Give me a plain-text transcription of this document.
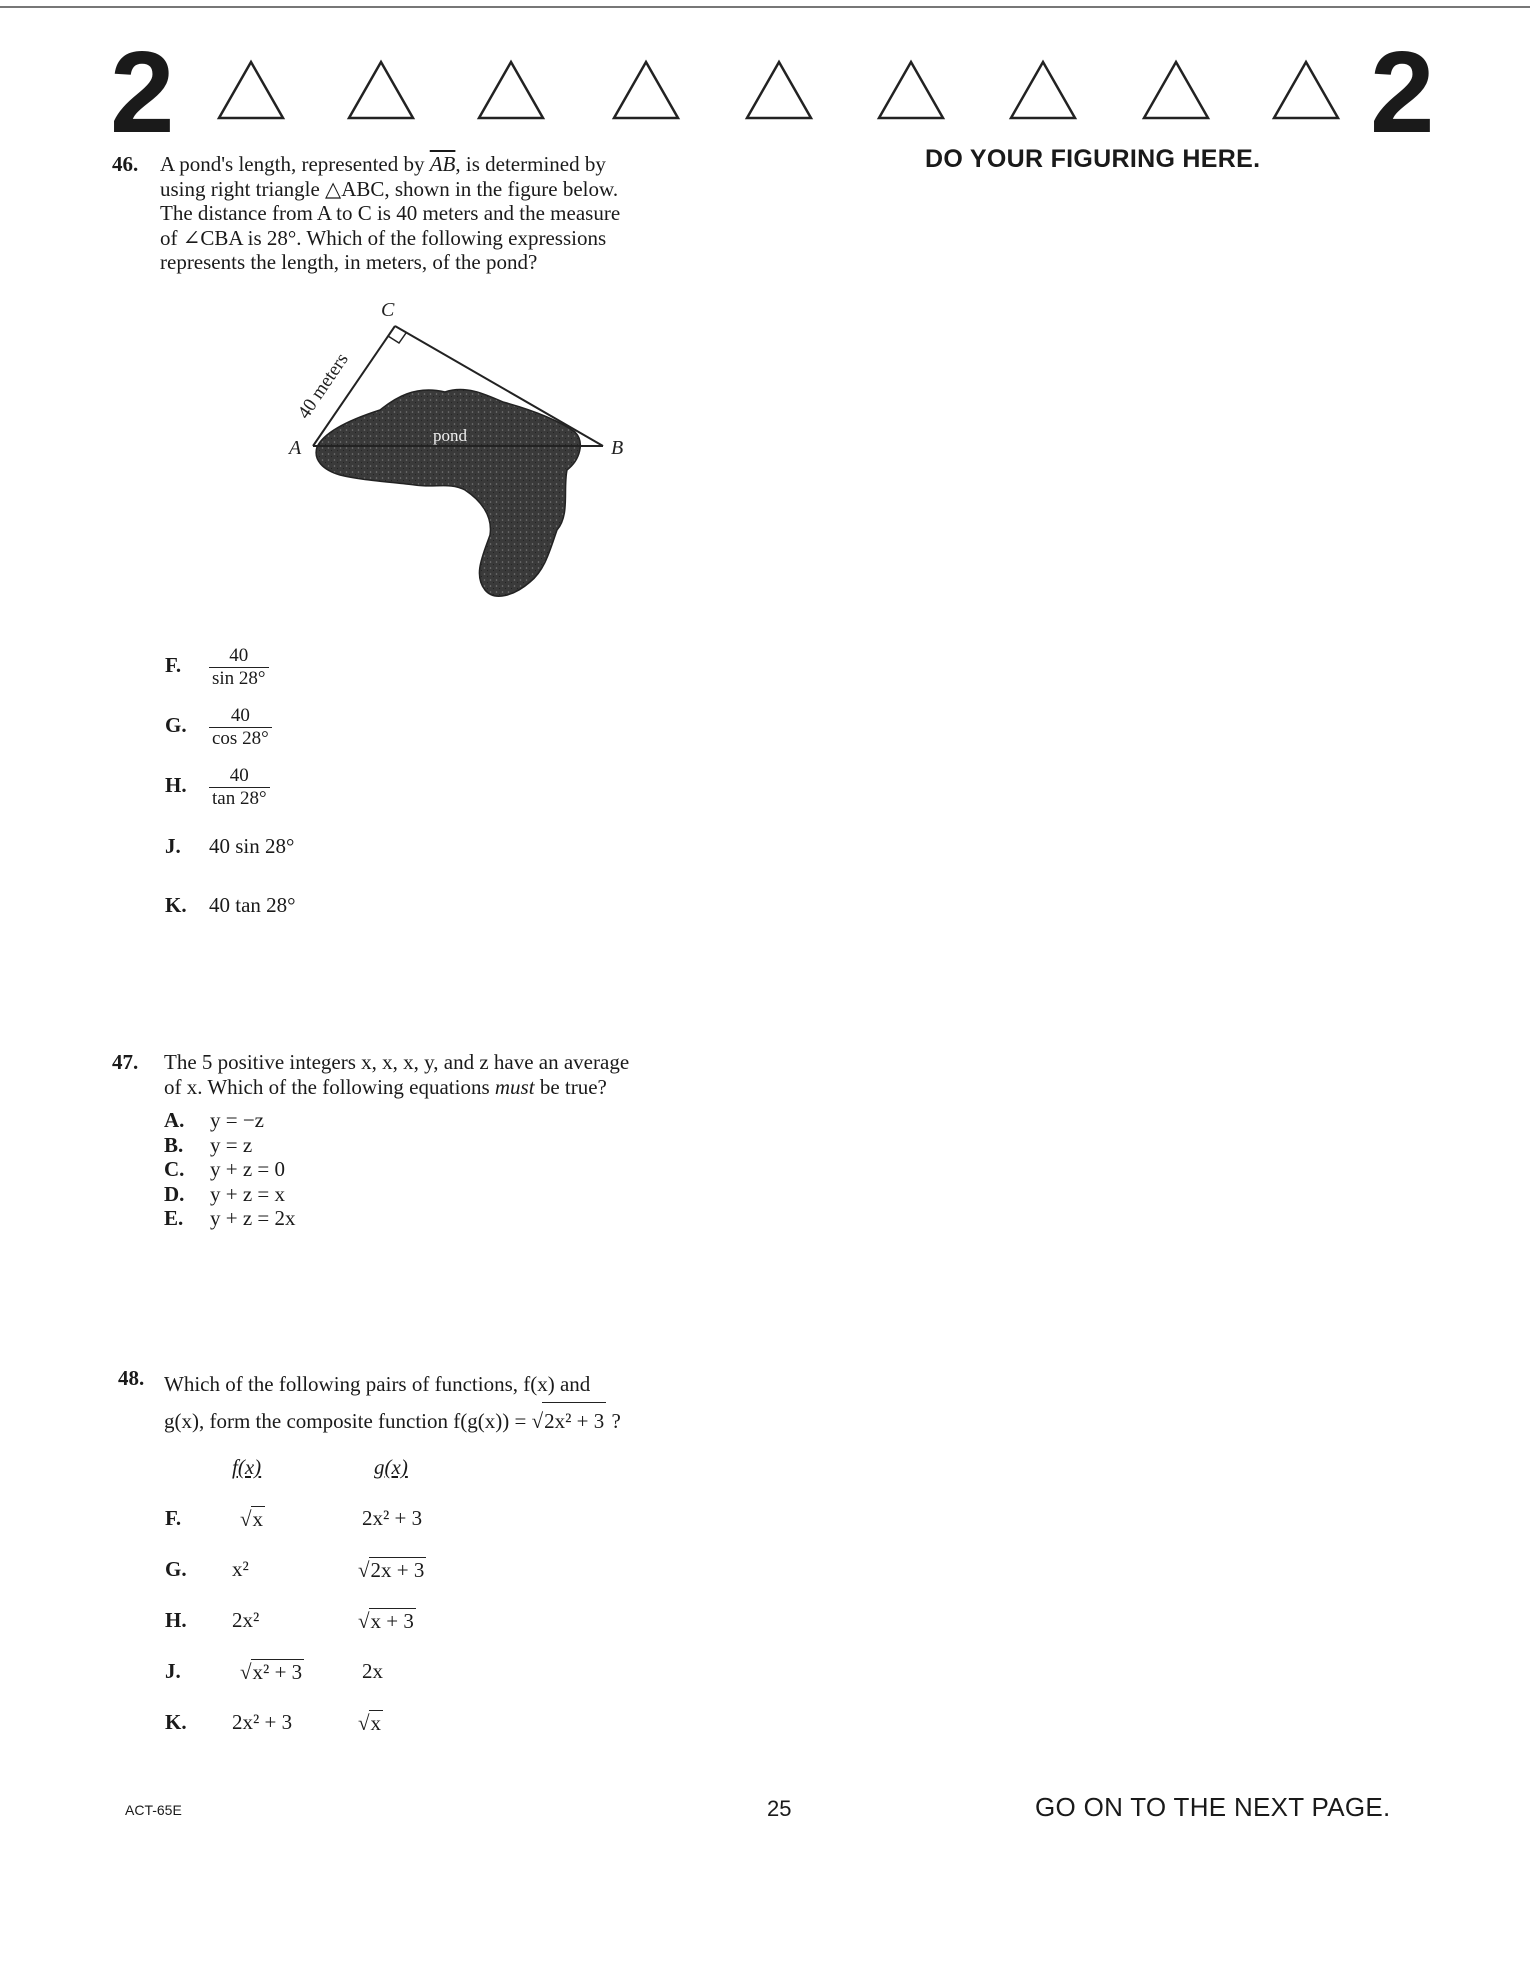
2	2
DO YOUR FIGURING HERE.
46. A pond's length, represented by $\overline{AB}$, is determined by
using right triangle △ABC, shown in the figure below.
The distance from A to C is 40 meters and the measure
of ∠CBA is 28°. Which of the following expressions
represents the length, in meters, of the pond?
C
A	B
40 meters
pond
F. $\frac{40}{\sin 28^\circ}$
G. $\frac{40}{\cos 28^\circ}$
H. $\frac{40}{\tan 28^\circ}$
J. 40 sin 28°
K. 40 tan 28°
47. The 5 positive integers x, x, x, y, and z have an average
of x. Which of the following equations must be true?
A. y = −z
B. y = z
C. y + z = 0
D. y + z = x
E. y + z = 2x
48. Which of the following pairs of functions, f(x) and
g(x), form the composite function f(g(x)) = √2x² + 3 ?
f(x)	g(x)
F.	√x	2x² + 3
G. x²	√2x + 3
H. 2x²	√x + 3
J.	√x² + 3	2x
K. 2x² + 3	√x
ACT-65E	25	GO ON TO THE NEXT PAGE.
